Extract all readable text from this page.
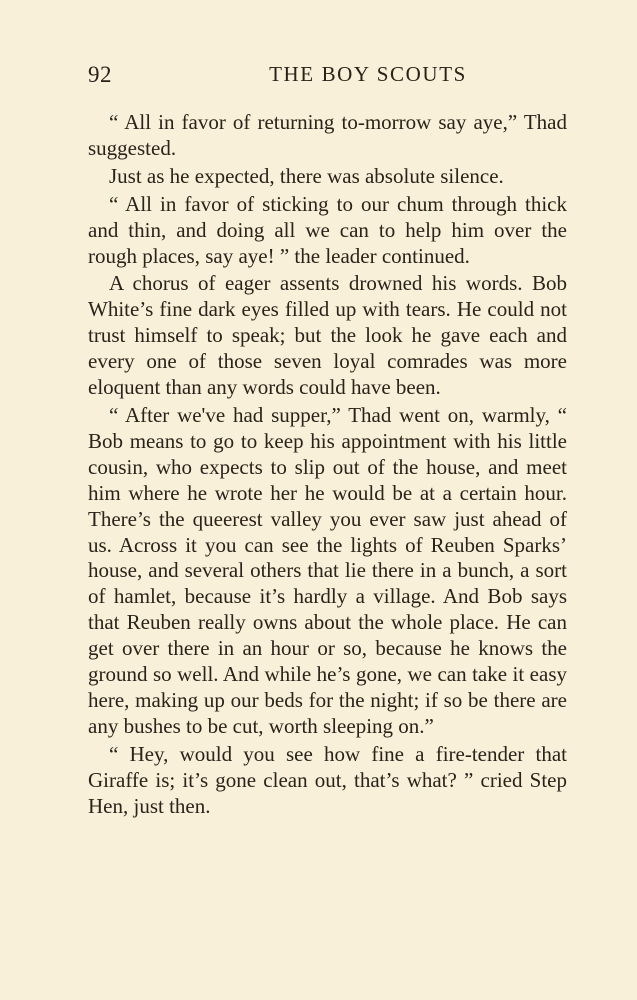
92	THE BOY SCOUTS

“ All in favor of returning to-morrow say aye,” Thad suggested.

Just as he expected, there was absolute silence.

“ All in favor of sticking to our chum through thick and thin, and doing all we can to help him over the rough places, say aye! ” the leader continued.

A chorus of eager assents drowned his words. Bob White’s fine dark eyes filled up with tears. He could not trust himself to speak; but the look he gave each and every one of those seven loyal comrades was more eloquent than any words could have been.

“ After we've had supper,” Thad went on, warmly, “ Bob means to go to keep his appointment with his little cousin, who expects to slip out of the house, and meet him where he wrote her he would be at a certain hour. There’s the queerest valley you ever saw just ahead of us. Across it you can see the lights of Reuben Sparks’ house, and several others that lie there in a bunch, a sort of hamlet, because it’s hardly a village. And Bob says that Reuben really owns about the whole place. He can get over there in an hour or so, because he knows the ground so well. And while he’s gone, we can take it easy here, making up our beds for the night; if so be there are any bushes to be cut, worth sleeping on.”

“ Hey, would you see how fine a fire-tender that Giraffe is; it’s gone clean out, that’s what? ” cried Step Hen, just then.
